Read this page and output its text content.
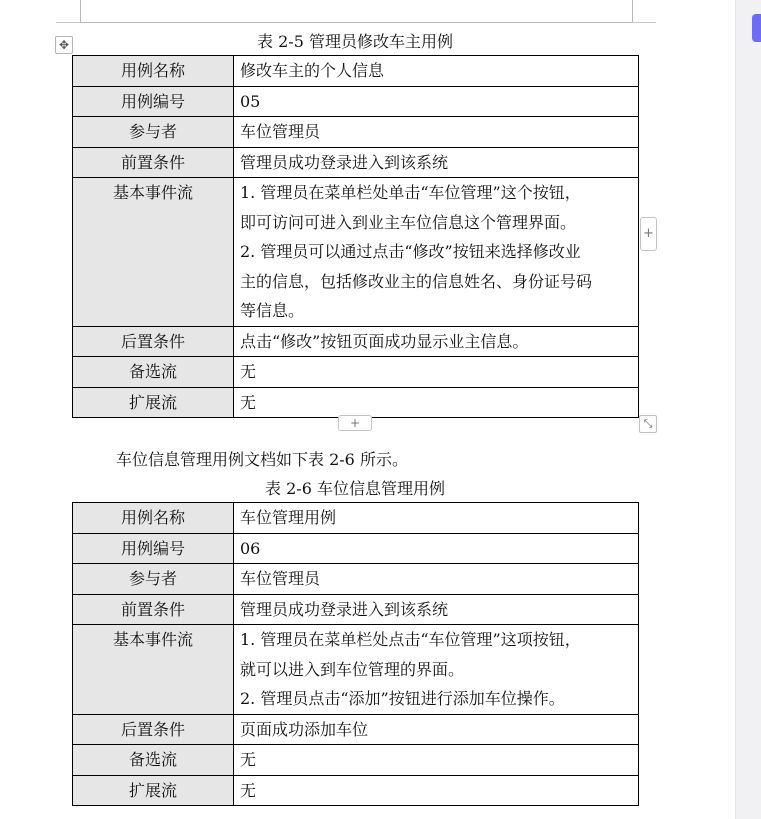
✥	表 2-5 管理员修改车主用例
用例名称	修改车主的个人信息

用例编号	05

参与者	车位管理员

前置条件	管理员成功登录进入到该系统

基本事件流	1. 管理员在菜单栏处单击“车位管理”这个按钮，
即可访问可进入到业主车位信息这个管理界面。
2. 管理员可以通过点击“修改”按钮来选择修改业
主的信息，包括修改业主的信息姓名、身份证号码
等信息。

后置条件	点击“修改”按钮页面成功显示业主信息。

备选流	无

扩展流	无
+
+	⤡
车位信息管理用例文档如下表 2-6 所示。
表 2-6 车位信息管理用例
用例名称	车位管理用例

用例编号	06

参与者	车位管理员

前置条件	管理员成功登录进入到该系统

基本事件流	1. 管理员在菜单栏处点击“车位管理”这项按钮，
就可以进入到车位管理的界面。
2. 管理员点击“添加”按钮进行添加车位操作。

后置条件	页面成功添加车位

备选流	无

扩展流	无
